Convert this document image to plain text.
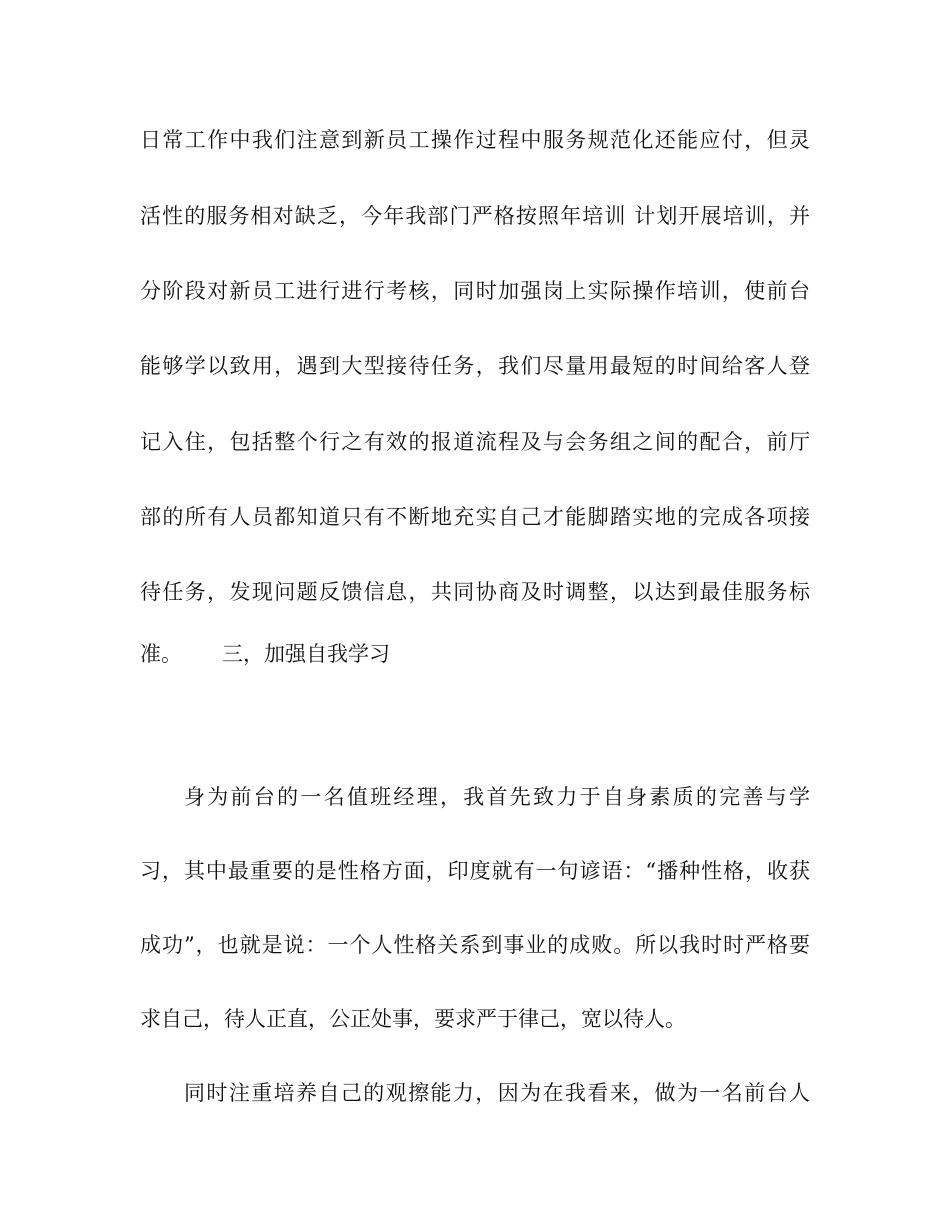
日常工作中我们注意到新员工操作过程中服务规范化还能应付，但灵
活性的服务相对缺乏，今年我部门严格按照年培训 计划开展培训，并
分阶段对新员工进行进行考核，同时加强岗上实际操作培训，使前台
能够学以致用，遇到大型接待任务，我们尽量用最短的时间给客人登
记入住，包括整个行之有效的报道流程及与会务组之间的配合，前厅
部的所有人员都知道只有不断地充实自己才能脚踏实地的完成各项接
待任务，发现问题反馈信息，共同协商及时调整，以达到最佳服务标
准。 三，加强自我学习
身为前台的一名值班经理，我首先致力于自身素质的完善与学
习，其中最重要的是性格方面，印度就有一句谚语：“播种性格，收获
成功”，也就是说：一个人性格关系到事业的成败。所以我时时严格要
求自己，待人正直，公正处事，要求严于律己，宽以待人。
同时注重培养自己的观擦能力，因为在我看来，做为一名前台人
